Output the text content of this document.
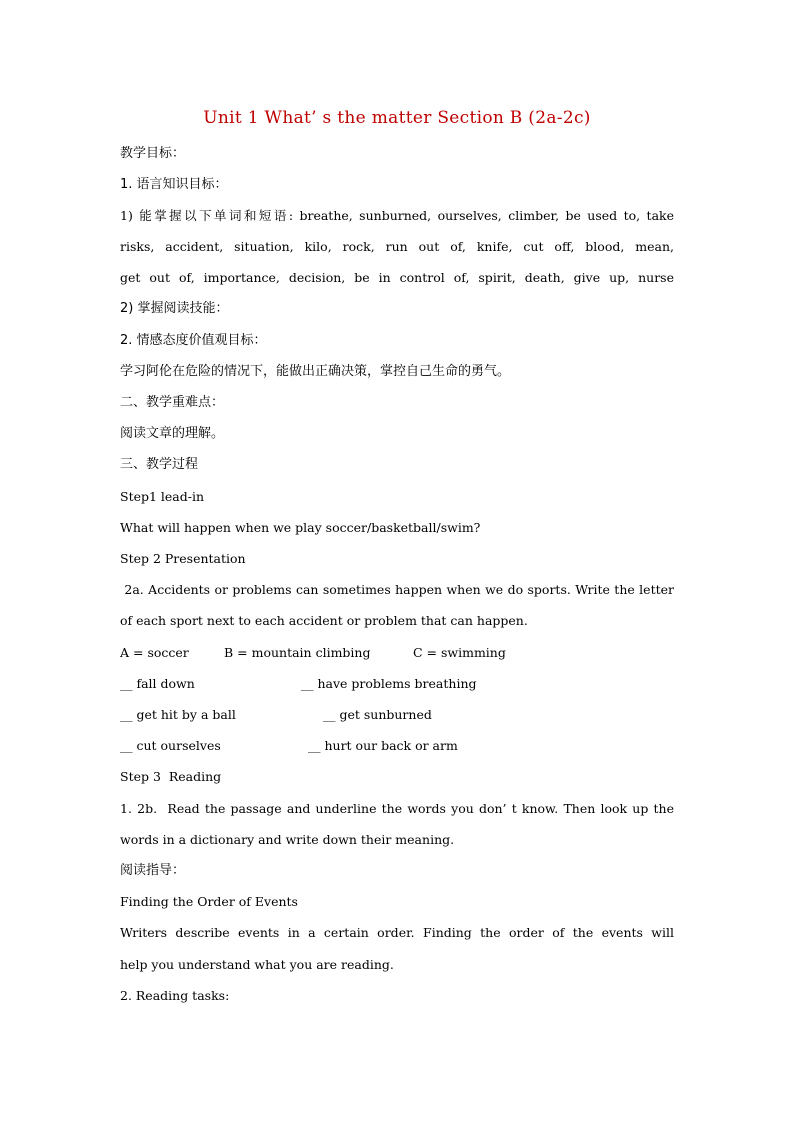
Unit 1 What’ s the matter Section B (2a-2c)
教学目标：
1. 语言知识目标：
1) 能掌握以下单词和短语: breathe, sunburned, ourselves, climber, be used to, take
risks, accident, situation, kilo, rock, run out of, knife, cut off, blood, mean,
get out of, importance, decision, be in control of, spirit, death, give up, nurse
2) 掌握阅读技能：
2. 情感态度价值观目标：
学习阿伦在危险的情况下，能做出正确决策，掌控自己生命的勇气。
二、教学重难点：
阅读文章的理解。
三、教学过程
Step1 lead-in
What will happen when we play soccer/basketball/swim?
Step 2 Presentation
2a. Accidents or problems can sometimes happen when we do sports. Write the letter
of each sport next to each accident or problem that can happen.
A = soccer	B = mountain climbing	C = swimming
__ fall down	__ have problems breathing
__ get hit by a ball	__ get sunburned
__ cut ourselves	__ hurt our back or arm
Step 3  Reading
1. 2b.  Read the passage and underline the words you don’ t know. Then look up the
words in a dictionary and write down their meaning.
阅读指导：
Finding the Order of Events
Writers describe events in a certain order. Finding the order of the events will
help you understand what you are reading.
2. Reading tasks:
